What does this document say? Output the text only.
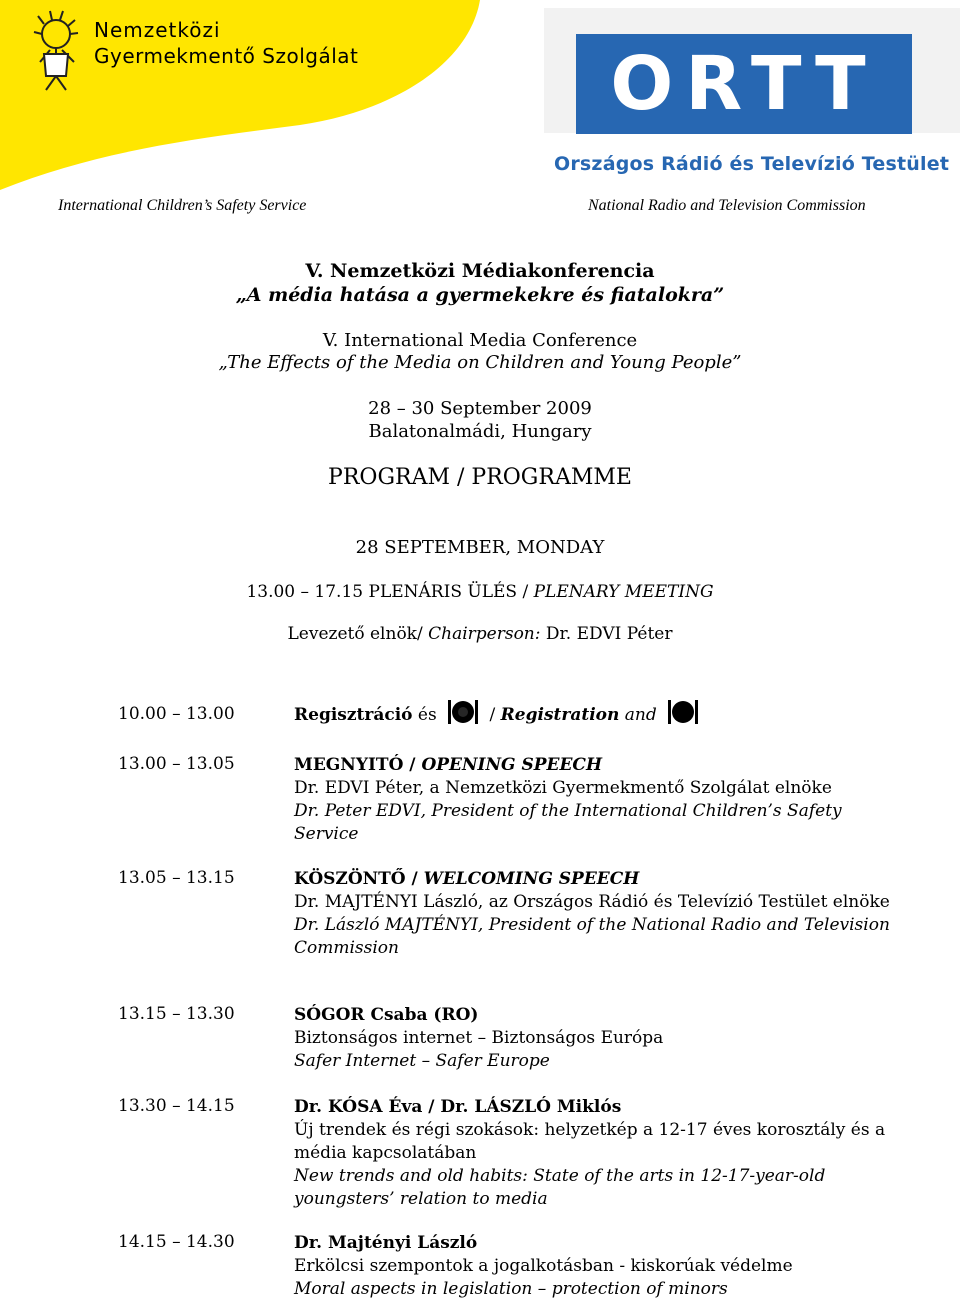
Nemzetközi
Gyermekmentő Szolgálat	ORTT
Országos Rádió és Televízió Testület
International Children’s Safety Service	National Radio and Television Commission
V. Nemzetközi Médiakonferencia
„A média hatása a gyermekekre és fiatalokra”
V. International Media Conference
„The Effects of the Media on Children and Young People”
28 – 30 September 2009
Balatonalmádi, Hungary
PROGRAM / PROGRAMME
28 SEPTEMBER, MONDAY
13.00 – 17.15 PLENÁRIS ÜLÉS / PLENARY MEETING
Levezető elnök/ Chairperson: Dr. EDVI Péter
10.00 – 13.00	Regisztráció és	/ Registration and
13.00 – 13.05	MEGNYITÓ / OPENING SPEECH
Dr. EDVI Péter, a Nemzetközi Gyermekmentő Szolgálat elnöke
Dr. Peter EDVI, President of the International Children’s Safety Service
13.05 – 13.15	KÖSZÖNTŐ / WELCOMING SPEECH
Dr. MAJTÉNYI László, az Országos Rádió és Televízió Testület elnöke
Dr. László MAJTÉNYI, President of the National Radio and Television Commission
13.15 – 13.30	SÓGOR Csaba (RO)
Biztonságos internet – Biztonságos Európa
Safer Internet – Safer Europe
13.30 – 14.15	Dr. KÓSA Éva / Dr. LÁSZLÓ Miklós
Új trendek és régi szokások: helyzetkép a 12-17 éves korosztály és a média kapcsolatában
New trends and old habits: State of the arts in 12-17-year-old youngsters’ relation to media
14.15 – 14.30	Dr. Majtényi László
Erkölcsi szempontok a jogalkotásban - kiskorúak védelme
Moral aspects in legislation – protection of minors
